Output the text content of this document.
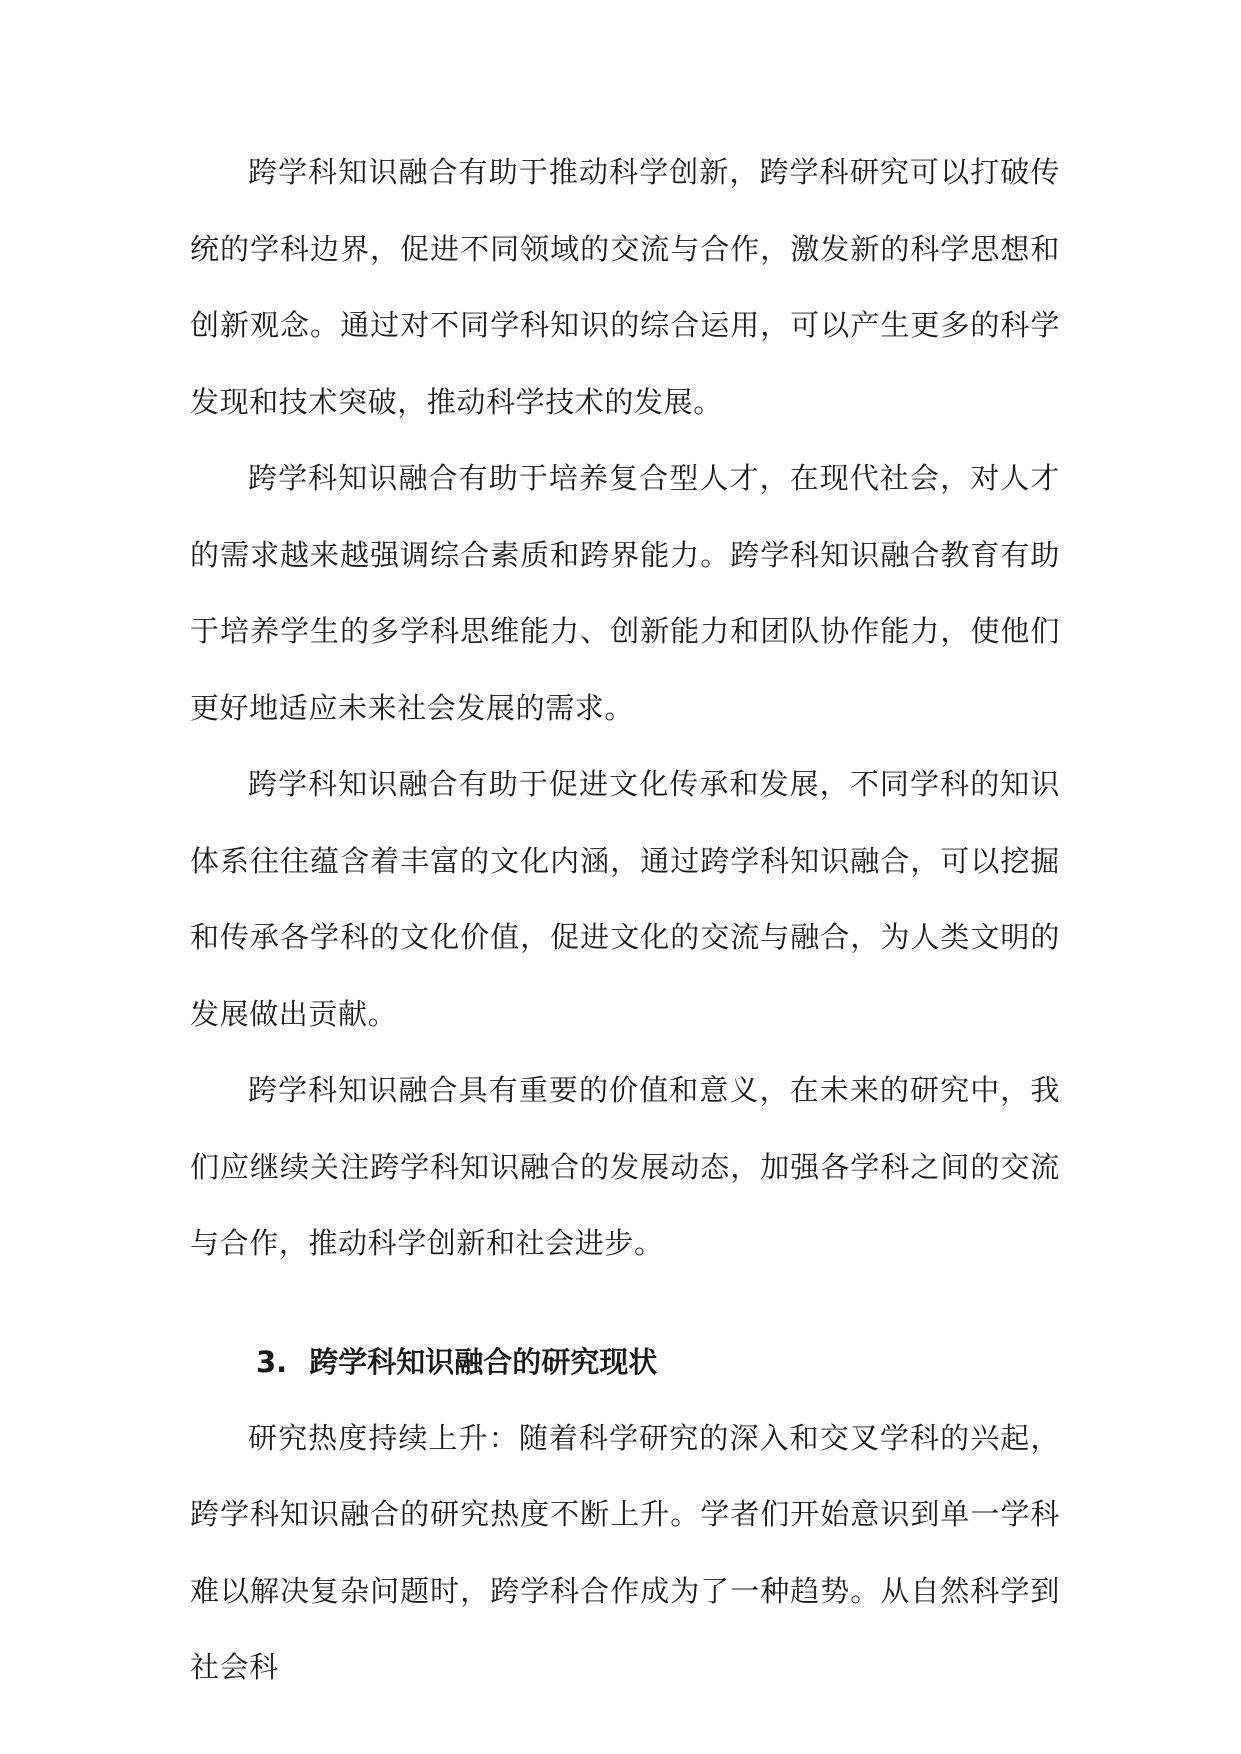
跨学科知识融合有助于推动科学创新，跨学科研究可以打破传统的学科边界，促进不同领域的交流与合作，激发新的科学思想和创新观念。通过对不同学科知识的综合运用，可以产生更多的科学发现和技术突破，推动科学技术的发展。

跨学科知识融合有助于培养复合型人才，在现代社会，对人才的需求越来越强调综合素质和跨界能力。跨学科知识融合教育有助于培养学生的多学科思维能力、创新能力和团队协作能力，使他们更好地适应未来社会发展的需求。

跨学科知识融合有助于促进文化传承和发展，不同学科的知识体系往往蕴含着丰富的文化内涵，通过跨学科知识融合，可以挖掘和传承各学科的文化价值，促进文化的交流与融合，为人类文明的发展做出贡献。

跨学科知识融合具有重要的价值和意义，在未来的研究中，我们应继续关注跨学科知识融合的发展动态，加强各学科之间的交流与合作，推动科学创新和社会进步。

3. 跨学科知识融合的研究现状

研究热度持续上升：随着科学研究的深入和交叉学科的兴起，跨学科知识融合的研究热度不断上升。学者们开始意识到单一学科难以解决复杂问题时，跨学科合作成为了一种趋势。从自然科学到社会科
